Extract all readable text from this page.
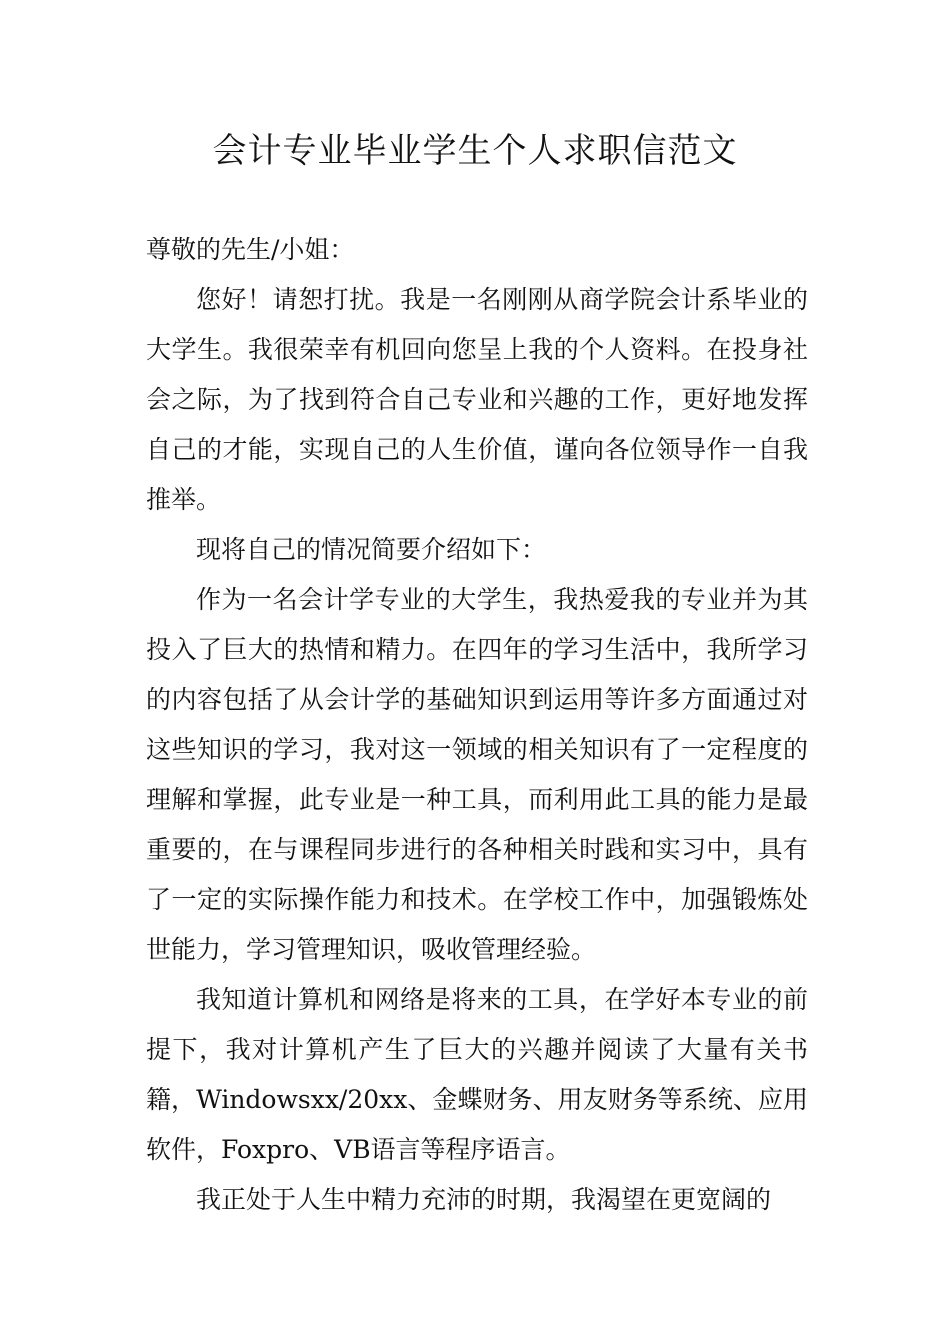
会计专业毕业学生个人求职信范文

尊敬的先生/小姐：

您好！请恕打扰。我是一名刚刚从商学院会计系毕业的大学生。我很荣幸有机回向您呈上我的个人资料。在投身社会之际，为了找到符合自己专业和兴趣的工作，更好地发挥自己的才能，实现自己的人生价值，谨向各位领导作一自我推举。

现将自己的情况简要介绍如下：

作为一名会计学专业的大学生，我热爱我的专业并为其投入了巨大的热情和精力。在四年的学习生活中，我所学习的内容包括了从会计学的基础知识到运用等许多方面通过对这些知识的学习，我对这一领域的相关知识有了一定程度的理解和掌握，此专业是一种工具，而利用此工具的能力是最重要的，在与课程同步进行的各种相关时践和实习中，具有了一定的实际操作能力和技术。在学校工作中，加强锻炼处世能力，学习管理知识，吸收管理经验。

我知道计算机和网络是将来的工具，在学好本专业的前提下，我对计算机产生了巨大的兴趣并阅读了大量有关书籍，Windowsxx/20xx、金蝶财务、用友财务等系统、应用软件，Foxpro、VB语言等程序语言。

我正处于人生中精力充沛的时期，我渴望在更宽阔的
